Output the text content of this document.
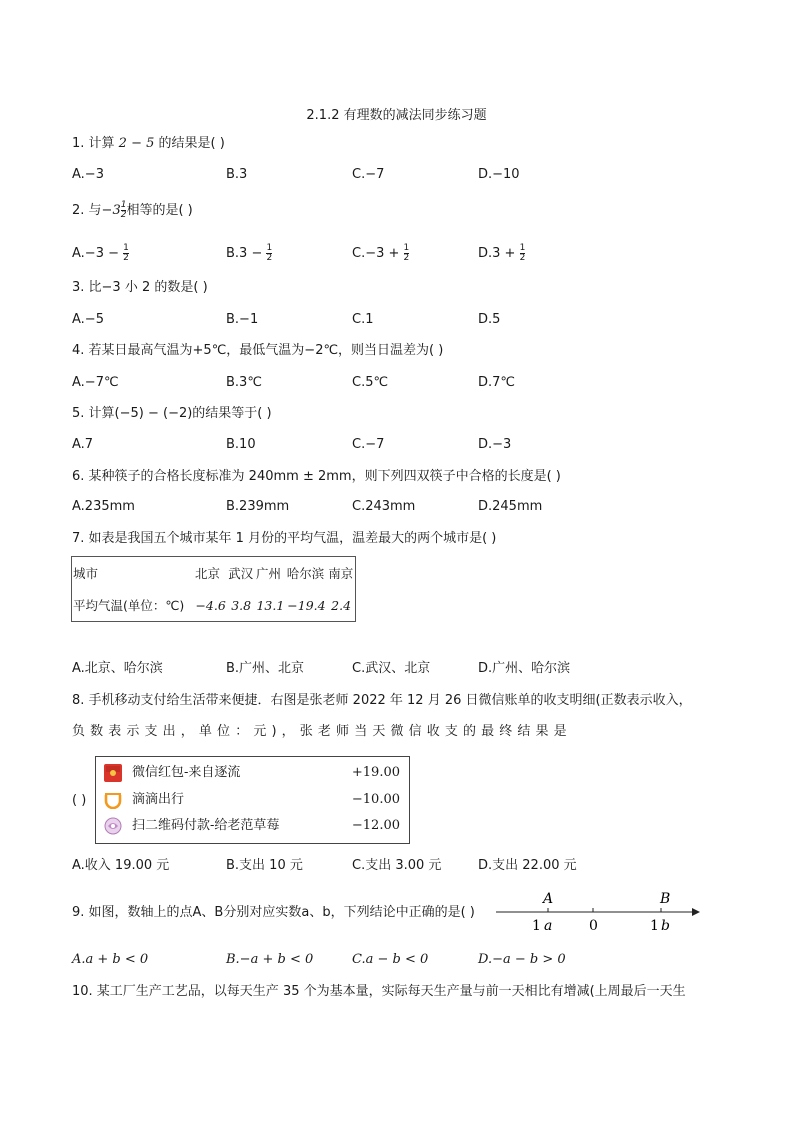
2.1.2 有理数的减法同步练习题
1. 计算 2 − 5 的结果是( )
A.−3	B.3	C.−7	D.−10
2. 与$-3 \frac{1}{2}$ 相等的是( )
$A.-3 - \frac{1}{2}$	$B.3 - \frac{1}{2}$	$C.-3 + \frac{1}{2}$	$D.3 + \frac{1}{2}$
3. 比−3 小 2 的数是( )
A.−5	B.−1	C.1	D.5
4. 若某日最高气温为+5℃，最低气温为−2℃，则当日温差为( )
A.−7℃	B.3℃	C.5℃	D.7℃
5. 计算(−5) − (−2)的结果等于( )
A.7	B.10	C.−7	D.−3
6. 某种筷子的合格长度标准为 240mm ± 2mm，则下列四双筷子中合格的长度是( )
A.235mm	B.239mm	C.243mm	D.245mm
7. 如表是我国五个城市某年 1 月份的平均气温，温差最大的两个城市是( )
城市	北京	武汉	广州	哈尔滨	南京
平均气温(单位：℃)	−4.6	3.8	13.1	−19.4	2.4
A.北京、哈尔滨	B.广州、北京	C.武汉、北京	D.广州、哈尔滨
8. 手机移动支付给生活带来便捷．右图是张老师 2022 年 12 月 26 日微信账单的收支明细(正数表示收入，
负 数 表 示 支 出 ， 单 位 ： 元 ) ， 张 老 师 当 天 微 信 收 支 的 最 终 结 果 是
( )
微信红包-来自逐流	+19.00
滴滴出行	−10.00
扫二维码付款-给老范草莓	−12.00
A.收入 19.00 元	B.支出 10 元	C.支出 3.00 元	D.支出 22.00 元
9. 如图，数轴上的点A、B分别对应实数a、b，下列结论中正确的是( )
A	B
1 a	0	1 b
A.a + b < 0	B.−a + b < 0	C.a − b < 0	D.−a − b > 0
10. 某工厂生产工艺品，以每天生产 35 个为基本量，实际每天生产量与前一天相比有增减(上周最后一天生
